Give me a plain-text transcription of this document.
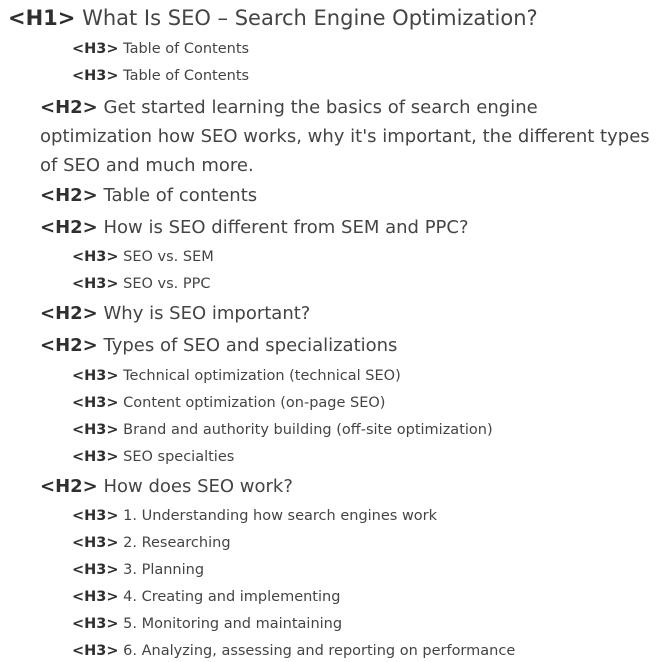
<H1> What Is SEO – Search Engine Optimization?
<H3> Table of Contents
<H3> Table of Contents
<H2> Get started learning the basics of search engine optimization how SEO works, why it's important, the different types of SEO and much more.
<H2> Table of contents
<H2> How is SEO different from SEM and PPC?
<H3> SEO vs. SEM
<H3> SEO vs. PPC
<H2> Why is SEO important?
<H2> Types of SEO and specializations
<H3> Technical optimization (technical SEO)
<H3> Content optimization (on-page SEO)
<H3> Brand and authority building (off-site optimization)
<H3> SEO specialties
<H2> How does SEO work?
<H3> 1. Understanding how search engines work
<H3> 2. Researching
<H3> 3. Planning
<H3> 4. Creating and implementing
<H3> 5. Monitoring and maintaining
<H3> 6. Analyzing, assessing and reporting on performance
